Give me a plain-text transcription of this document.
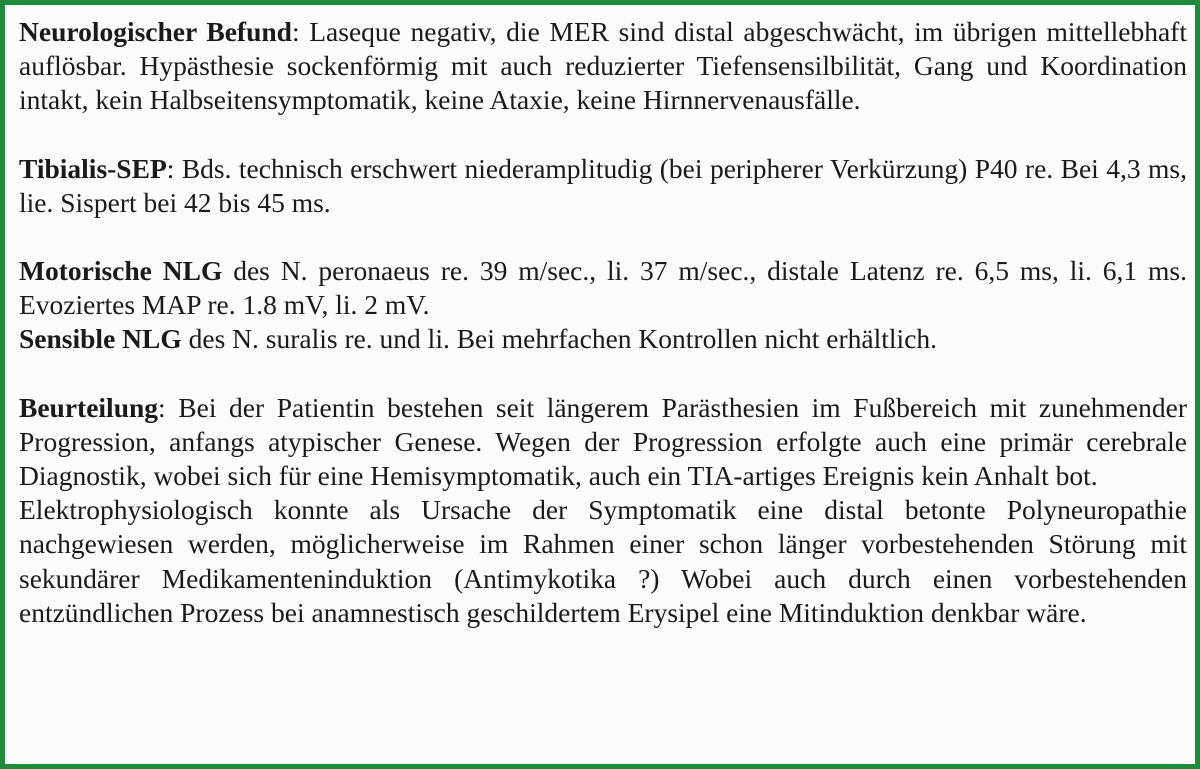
Neurologischer Befund: Laseque negativ, die MER sind distal abgeschwächt, im übrigen mittellebhaft auflösbar. Hypästhesie sockenförmig mit auch reduzierter Tiefensensilbilität, Gang und Koordination intakt, kein Halbseitensymptomatik, keine Ataxie, keine Hirnnervenausfälle.

Tibialis-SEP: Bds. technisch erschwert niederamplitudig (bei peripherer Verkürzung) P40 re. Bei 4,3 ms, lie. Sispert bei 42 bis 45 ms.

Motorische NLG des N. peronaeus re. 39 m/sec., li. 37 m/sec., distale Latenz re. 6,5 ms, li. 6,1 ms. Evoziertes MAP re. 1.8 mV, li. 2 mV.

Sensible NLG des N. suralis re. und li. Bei mehrfachen Kontrollen nicht erhältlich.

Beurteilung: Bei der Patientin bestehen seit längerem Parästhesien im Fußbereich mit zunehmender Progression, anfangs atypischer Genese. Wegen der Progression erfolgte auch eine primär cerebrale Diagnostik, wobei sich für eine Hemisymptomatik, auch ein TIA-artiges Ereignis kein Anhalt bot.

Elektrophysiologisch konnte als Ursache der Symptomatik eine distal betonte Polyneuropathie nachgewiesen werden, möglicherweise im Rahmen einer schon länger vorbestehenden Störung mit sekundärer Medikamenteninduktion (Antimykotika ?) Wobei auch durch einen vorbestehenden entzündlichen Prozess bei anamnestisch geschildertem Erysipel eine Mitinduktion denkbar wäre.
